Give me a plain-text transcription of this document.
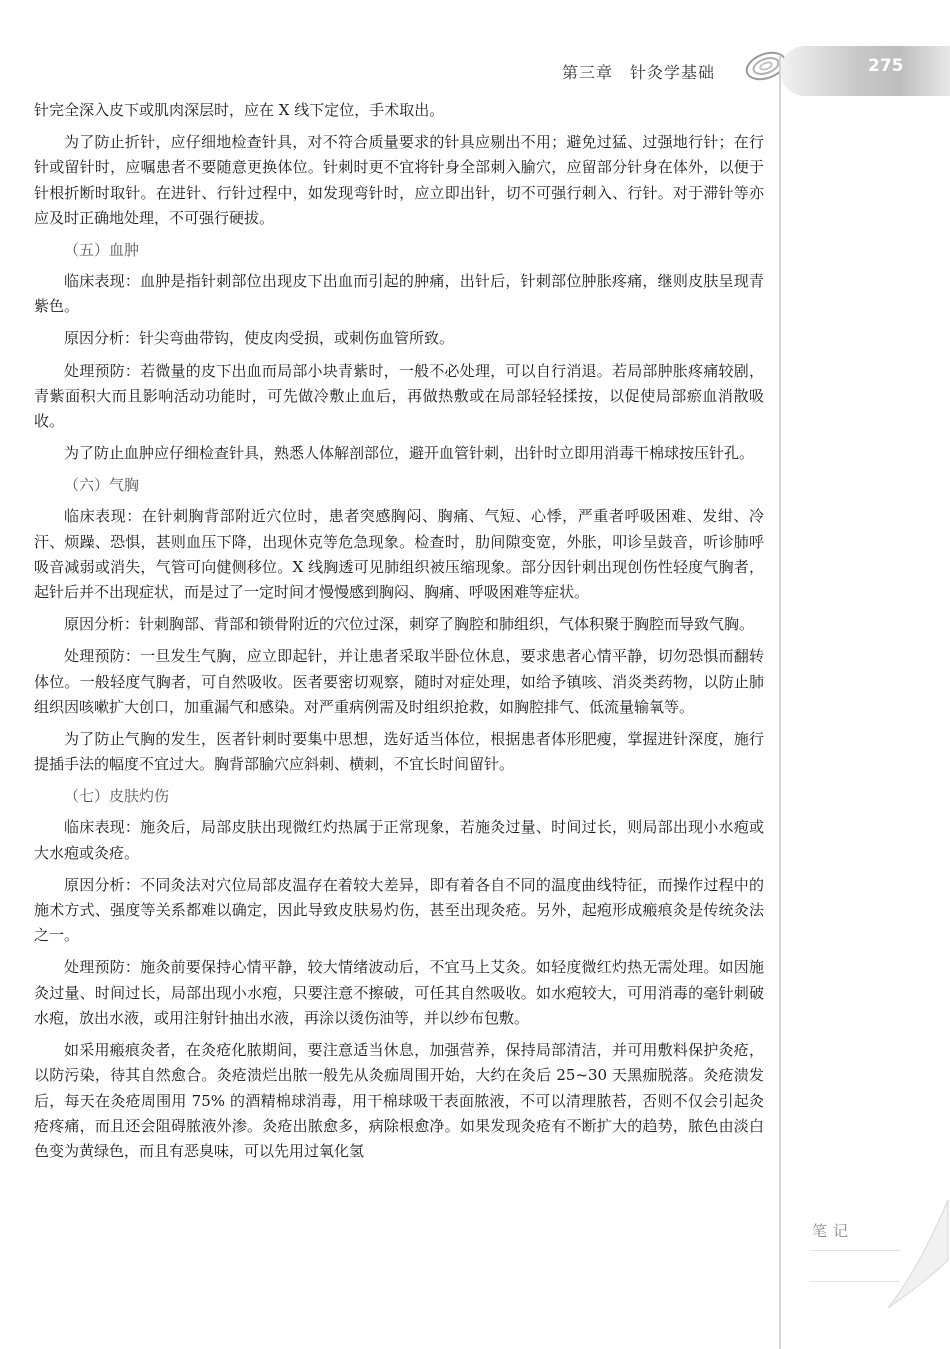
第三章　针灸学基础	275

针完全深入皮下或肌肉深层时，应在 X 线下定位，手术取出。

为了防止折针，应仔细地检查针具，对不符合质量要求的针具应剔出不用；避免过猛、过强地行针；在行针或留针时，应嘱患者不要随意更换体位。针刺时更不宜将针身全部刺入腧穴，应留部分针身在体外，以便于针根折断时取针。在进针、行针过程中，如发现弯针时，应立即出针，切不可强行刺入、行针。对于滞针等亦应及时正确地处理，不可强行硬拔。

（五）血肿

临床表现：血肿是指针刺部位出现皮下出血而引起的肿痛，出针后，针刺部位肿胀疼痛，继则皮肤呈现青紫色。

原因分析：针尖弯曲带钩，使皮肉受损，或刺伤血管所致。

处理预防：若微量的皮下出血而局部小块青紫时，一般不必处理，可以自行消退。若局部肿胀疼痛较剧，青紫面积大而且影响活动功能时，可先做冷敷止血后，再做热敷或在局部轻轻揉按，以促使局部瘀血消散吸收。

为了防止血肿应仔细检查针具，熟悉人体解剖部位，避开血管针刺，出针时立即用消毒干棉球按压针孔。

（六）气胸

临床表现：在针刺胸背部附近穴位时，患者突感胸闷、胸痛、气短、心悸，严重者呼吸困难、发绀、冷汗、烦躁、恐惧，甚则血压下降，出现休克等危急现象。检查时，肋间隙变宽，外胀，叩诊呈鼓音，听诊肺呼吸音减弱或消失，气管可向健侧移位。X 线胸透可见肺组织被压缩现象。部分因针刺出现创伤性轻度气胸者，起针后并不出现症状，而是过了一定时间才慢慢感到胸闷、胸痛、呼吸困难等症状。

原因分析：针刺胸部、背部和锁骨附近的穴位过深，刺穿了胸腔和肺组织，气体积聚于胸腔而导致气胸。

处理预防：一旦发生气胸，应立即起针，并让患者采取半卧位休息，要求患者心情平静，切勿恐惧而翻转体位。一般轻度气胸者，可自然吸收。医者要密切观察，随时对症处理，如给予镇咳、消炎类药物，以防止肺组织因咳嗽扩大创口，加重漏气和感染。对严重病例需及时组织抢救，如胸腔排气、低流量输氧等。

为了防止气胸的发生，医者针刺时要集中思想，选好适当体位，根据患者体形肥瘦，掌握进针深度，施行提插手法的幅度不宜过大。胸背部腧穴应斜刺、横刺，不宜长时间留针。

（七）皮肤灼伤

临床表现：施灸后，局部皮肤出现微红灼热属于正常现象，若施灸过量、时间过长，则局部出现小水疱或大水疱或灸疮。

原因分析：不同灸法对穴位局部皮温存在着较大差异，即有着各自不同的温度曲线特征，而操作过程中的施术方式、强度等关系都难以确定，因此导致皮肤易灼伤，甚至出现灸疮。另外，起疱形成瘢痕灸是传统灸法之一。

处理预防：施灸前要保持心情平静，较大情绪波动后，不宜马上艾灸。如轻度微红灼热无需处理。如因施灸过量、时间过长，局部出现小水疱，只要注意不擦破，可任其自然吸收。如水疱较大，可用消毒的毫针刺破水疱，放出水液，或用注射针抽出水液，再涂以烫伤油等，并以纱布包敷。

如采用瘢痕灸者，在灸疮化脓期间，要注意适当休息，加强营养，保持局部清洁，并可用敷料保护灸疮，以防污染，待其自然愈合。灸疮溃烂出脓一般先从灸痂周围开始，大约在灸后 25~30 天黑痂脱落。灸疮溃发后，每天在灸疮周围用 75% 的酒精棉球消毒，用干棉球吸干表面脓液，不可以清理脓苔，否则不仅会引起灸疮疼痛，而且还会阻碍脓液外渗。灸疮出脓愈多，病除根愈净。如果发现灸疮有不断扩大的趋势，脓色由淡白色变为黄绿色，而且有恶臭味，可以先用过氧化氢

笔记
